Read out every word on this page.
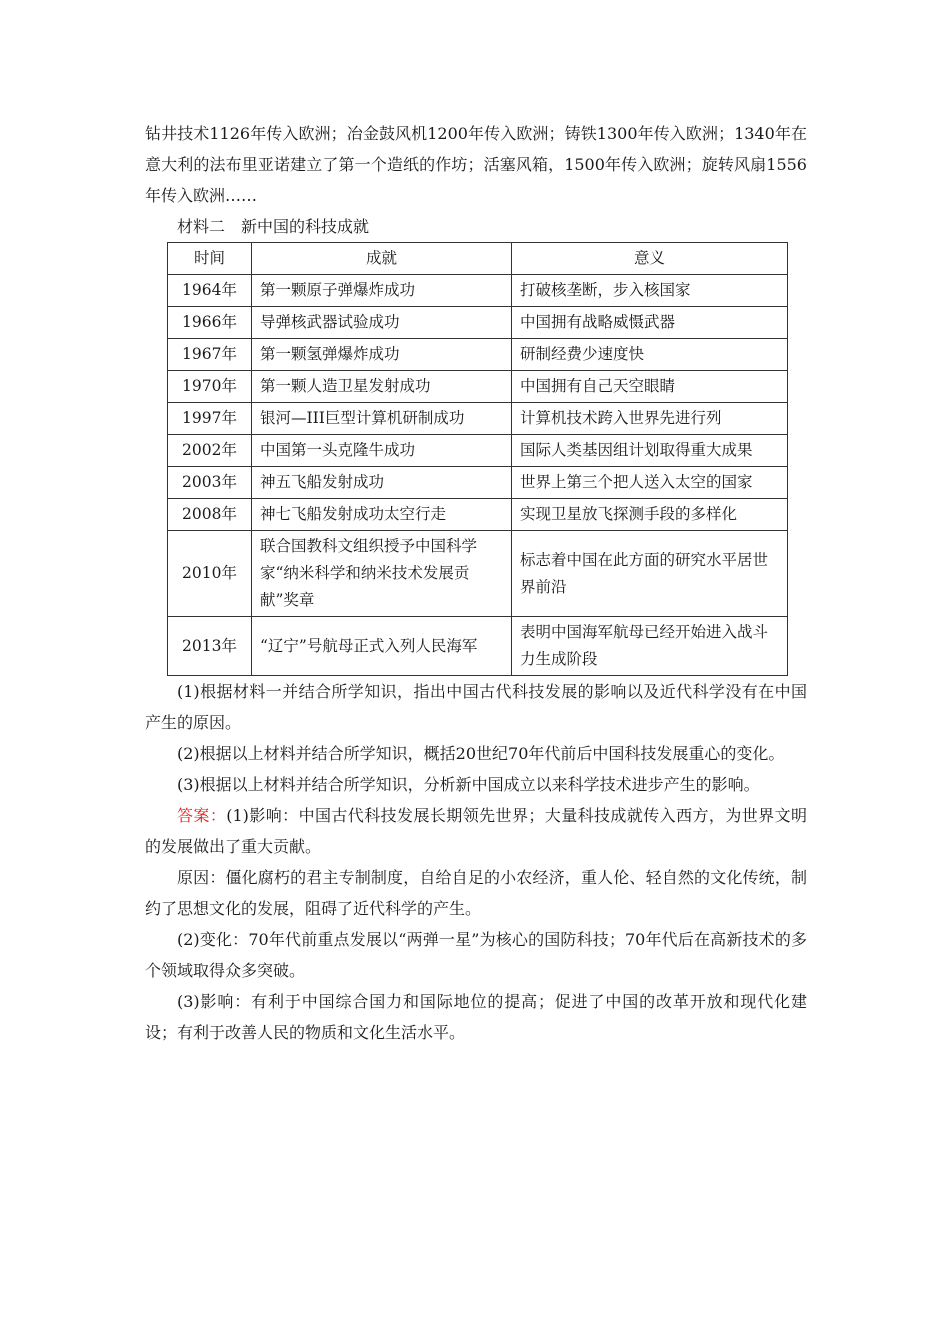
钻井技术1126年传入欧洲；冶金鼓风机1200年传入欧洲；铸铁1300年传入欧洲；1340年在意大利的法布里亚诺建立了第一个造纸的作坊；活塞风箱，1500年传入欧洲；旋转风扇1556年传入欧洲……

材料二　新中国的科技成就

时间	成就	意义
1964年	第一颗原子弹爆炸成功	打破核垄断，步入核国家
1966年	导弹核武器试验成功	中国拥有战略威慑武器
1967年	第一颗氢弹爆炸成功	研制经费少速度快
1970年	第一颗人造卫星发射成功	中国拥有自己天空眼睛
1997年	银河—III巨型计算机研制成功	计算机技术跨入世界先进行列
2002年	中国第一头克隆牛成功	国际人类基因组计划取得重大成果
2003年	神五飞船发射成功	世界上第三个把人送入太空的国家
2008年	神七飞船发射成功太空行走	实现卫星放飞探测手段的多样化
2010年	联合国教科文组织授予中国科学家“纳米科学和纳米技术发展贡献”奖章	标志着中国在此方面的研究水平居世界前沿
2013年	“辽宁”号航母正式入列人民海军	表明中国海军航母已经开始进入战斗力生成阶段

(1)根据材料一并结合所学知识，指出中国古代科技发展的影响以及近代科学没有在中国产生的原因。

(2)根据以上材料并结合所学知识，概括20世纪70年代前后中国科技发展重心的变化。

(3)根据以上材料并结合所学知识，分析新中国成立以来科学技术进步产生的影响。

答案：(1)影响：中国古代科技发展长期领先世界；大量科技成就传入西方，为世界文明的发展做出了重大贡献。

原因：僵化腐朽的君主专制制度，自给自足的小农经济，重人伦、轻自然的文化传统，制约了思想文化的发展，阻碍了近代科学的产生。

(2)变化：70年代前重点发展以“两弹一星”为核心的国防科技；70年代后在高新技术的多个领域取得众多突破。

(3)影响：有利于中国综合国力和国际地位的提高；促进了中国的改革开放和现代化建设；有利于改善人民的物质和文化生活水平。
